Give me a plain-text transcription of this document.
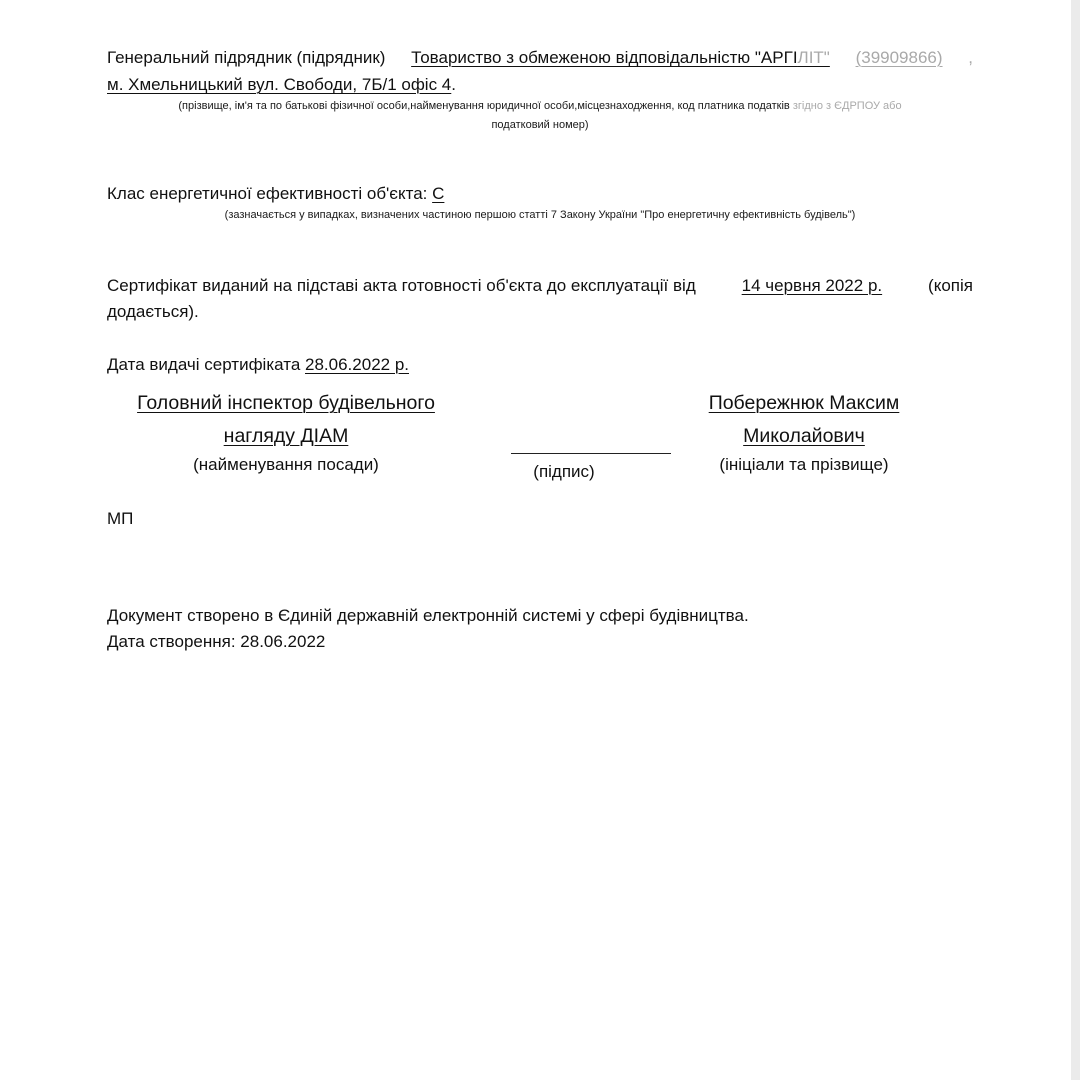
Генеральний підрядник (підрядник) Товариство з обмеженою відповідальністю "АРГІЛІТ" (39909866) ,
м. Хмельницький вул. Свободи, 7Б/1 офіс 4.
(прізвище, ім'я та по батькові фізичної особи,найменування юридичної особи,місцезнаходження, код платника податків згідно з ЄДРПОУ або
податковий номер)
Клас енергетичної ефективності об'єкта: С
(зазначається у випадках, визначених частиною першою статті 7 Закону України "Про енергетичну ефективність будівель")
Сертифікат виданий на підставі акта готовності об'єкта до експлуатації від	14 червня 2022 р.	(копія
додається).
Дата видачі сертифіката 28.06.2022 р.
Головний інспектор будівельного
нагляду ДІАМ
(найменування посади)	(підпис)
Побережнюк Максим
Миколайович
(ініціали та прізвище)
МП
Документ створено в Єдиній державній електронній системі у сфері будівництва.
Дата створення: 28.06.2022
